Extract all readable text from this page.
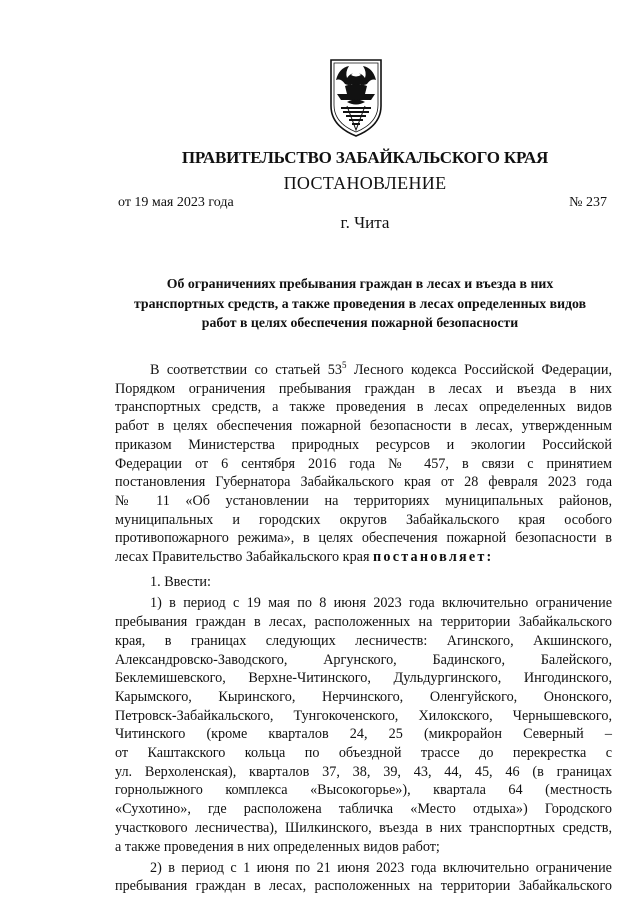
ПРАВИТЕЛЬСТВО ЗАБАЙКАЛЬСКОГО КРАЯ
ПОСТАНОВЛЕНИЕ
от 19 мая 2023 года	№ 237
г. Чита
Об ограничениях пребывания граждан в лесах и въезда в них
транспортных средств, а также проведения в лесах определенных видов
работ в целях обеспечения пожарной безопасности
В соответствии со статьей $53^5$ Лесного кодекса Российской Федерации,
Порядком ограничения пребывания граждан в лесах и въезда в них
транспортных средств, а также проведения в лесах определенных видов
работ в целях обеспечения пожарной безопасности в лесах, утвержденным
приказом Министерства природных ресурсов и экологии Российской
Федерации от 6 сентября 2016 года № 457, в связи с принятием
постановления Губернатора Забайкальского края от 28 февраля 2023 года
№ 11 «Об установлении на территориях муниципальных районов,
муниципальных и городских округов Забайкальского края особого
противопожарного режима», в целях обеспечения пожарной безопасности в
лесах Правительство Забайкальского края постановляет:
1. Ввести:
1) в период с 19 мая по 8 июня 2023 года включительно ограничение
пребывания граждан в лесах, расположенных на территории Забайкальского
края, в границах следующих лесничеств: Агинского, Акшинского,
Александровско-Заводского, Аргунского, Бадинского, Балейского,
Беклемишевского, Верхне-Читинского, Дульдургинского, Ингодинского,
Карымского, Кыринского, Нерчинского, Оленгуйского, Ононского,
Петровск-Забайкальского, Тунгокоченского, Хилокского, Чернышевского,
Читинского (кроме кварталов 24, 25 (микрорайон Северный –
от Каштакского кольца по объездной трассе до перекрестка с
ул. Верхоленская), кварталов 37, 38, 39, 43, 44, 45, 46 (в границах
горнолыжного комплекса «Высокогорье»), квартала 64 (местность
«Сухотино», где расположена табличка «Место отдыха») Городского
участкового лесничества), Шилкинского, въезда в них транспортных средств,
а также проведения в них определенных видов работ;
2) в период с 1 июня по 21 июня 2023 года включительно ограничение
пребывания граждан в лесах, расположенных на территории Забайкальского
